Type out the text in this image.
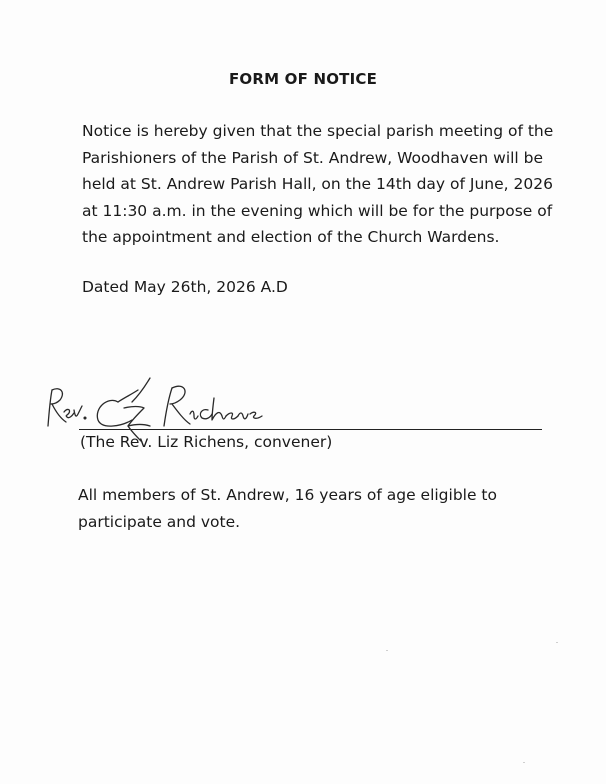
FORM OF NOTICE
Notice is hereby given that the special parish meeting of the Parishioners of the Parish of St. Andrew, Woodhaven will be held at St. Andrew Parish Hall, on the 14th day of June, 2026 at 11:30 a.m. in the evening which will be for the purpose of the appointment and election of the Church Wardens.
Dated May 26th, 2026 A.D
(The Rev. Liz Richens, convener)
All members of St. Andrew, 16 years of age eligible to participate and vote.
